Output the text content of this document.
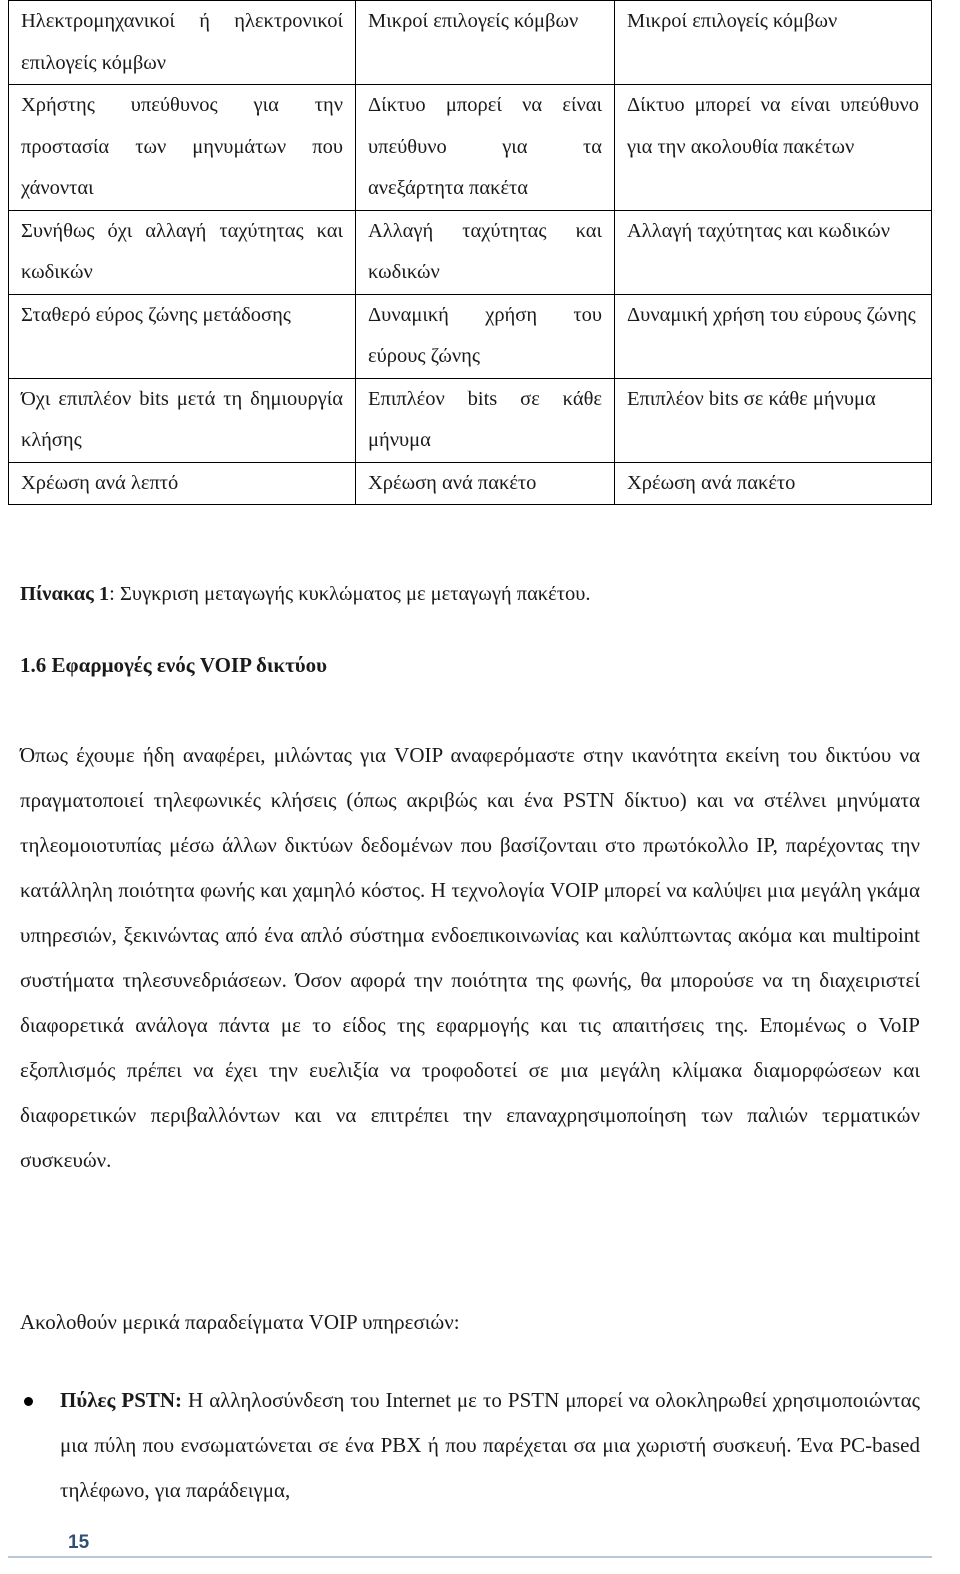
Ηλεκτρομηχανικοί ή ηλεκτρονικοί επιλογείς κόμβων	Μικροί επιλογείς κόμβων	Μικροί επιλογείς κόμβων
Χρήστης υπεύθυνος για την προστασία των μηνυμάτων που χάνονται	Δίκτυο μπορεί να είναι υπεύθυνο για τα ανεξάρτητα πακέτα	Δίκτυο μπορεί να είναι υπεύθυνο για την ακολουθία πακέτων
Συνήθως όχι αλλαγή ταχύτητας και κωδικών	Αλλαγή ταχύτητας και κωδικών	Αλλαγή ταχύτητας και κωδικών
Σταθερό εύρος ζώνης μετάδοσης	Δυναμική χρήση του εύρους ζώνης	Δυναμική χρήση του εύρους ζώνης
Όχι επιπλέον bits μετά τη δημιουργία κλήσης	Επιπλέον bits σε κάθε μήνυμα	Επιπλέον bits σε κάθε μήνυμα
Χρέωση ανά λεπτό	Χρέωση ανά πακέτο	Χρέωση ανά πακέτο
Πίνακας 1: Συγκριση μεταγωγής κυκλώματος με μεταγωγή πακέτου.
1.6 Εφαρμογές ενός VOIP δικτύου

Όπως έχουμε ήδη αναφέρει, μιλώντας για VOIP αναφερόμαστε στην ικανότητα εκείνη του δικτύου να πραγματοποιεί τηλεφωνικές κλήσεις (όπως ακριβώς και ένα PSTN δίκτυο) και να στέλνει μηνύματα τηλεομοιοτυπίας μέσω άλλων δικτύων δεδομένων που βασίζονταιι στο πρωτόκολλο IP, παρέχοντας την κατάλληλη ποιότητα φωνής και χαμηλό κόστος. Η τεχνολογία VOIP μπορεί να καλύψει μια μεγάλη γκάμα υπηρεσιών, ξεκινώντας από ένα απλό σύστημα ενδοεπικοινωνίας και καλύπτωντας ακόμα και multipoint συστήματα τηλεσυνεδριάσεων. Όσον αφορά την ποιότητα της φωνής, θα μπορούσε να τη διαχειριστεί διαφορετικά ανάλογα πάντα με το είδος της εφαρμογής και τις απαιτήσεις της. Επομένως ο VoIP εξοπλισμός πρέπει να έχει την ευελιξία να τροφοδοτεί σε μια μεγάλη κλίμακα διαμορφώσεων και διαφορετικών περιβαλλόντων και να επιτρέπει την επαναχρησιμοποίηση των παλιών τερματικών συσκευών.

Ακολοθούν μερικά παραδείγματα VOIP υπηρεσιών:

Πύλες PSTN: Η αλληλοσύνδεση του Internet με το PSTN μπορεί να ολοκληρωθεί χρησιμοποιώντας μια πύλη που ενσωματώνεται σε ένα PBX ή που παρέχεται σα μια χωριστή συσκευή. Ένα PC-based τηλέφωνο, για παράδειγμα,
15
